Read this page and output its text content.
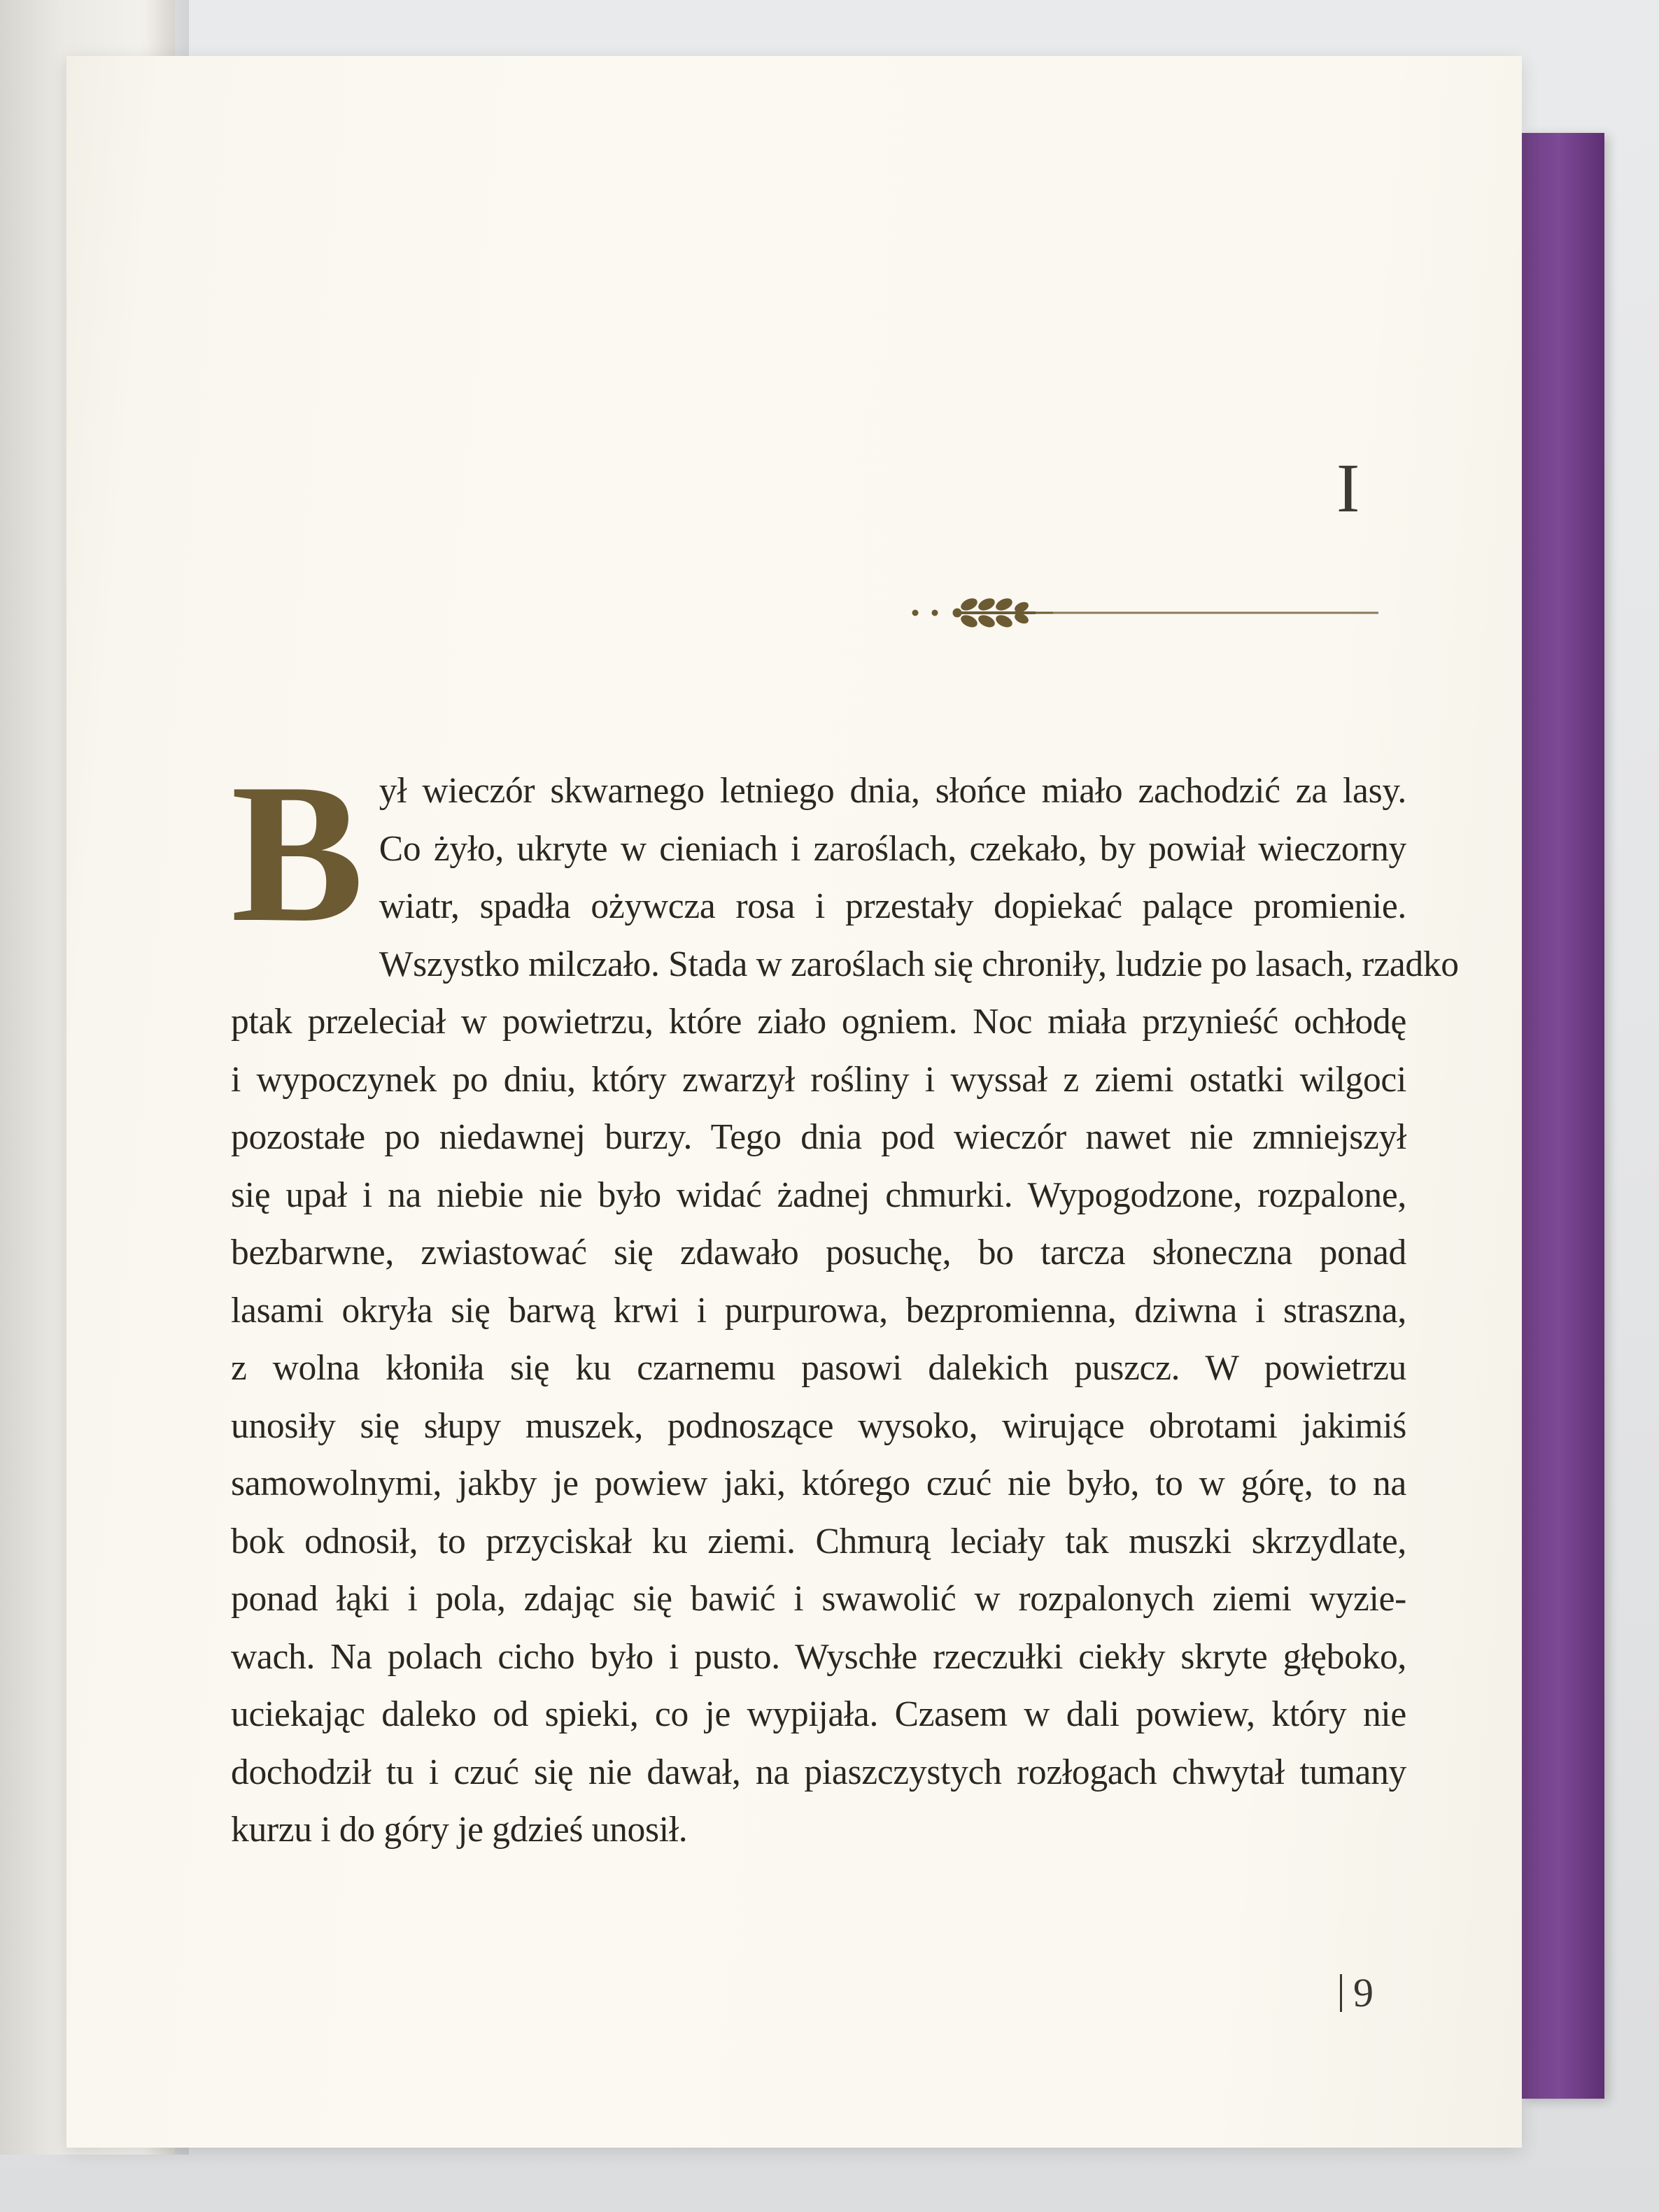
I
B ył wieczór skwarnego letniego dnia, słońce miało zachodzić za lasy.
Co żyło, ukryte w cieniach i zaroślach, czekało, by powiał wieczorny
wiatr, spadła ożywcza rosa i przestały dopiekać palące promienie.
Wszystko milczało. Stada w zaroślach się chroniły, ludzie po lasach, rzadko
ptak przeleciał w powietrzu, które ziało ogniem. Noc miała przynieść ochłodę
i wypoczynek po dniu, który zwarzył rośliny i wyssał z ziemi ostatki wilgoci
pozostałe po niedawnej burzy. Tego dnia pod wieczór nawet nie zmniejszył
się upał i na niebie nie było widać żadnej chmurki. Wypogodzone, rozpalone,
bezbarwne, zwiastować się zdawało posuchę, bo tarcza słoneczna ponad
lasami okryła się barwą krwi i purpurowa, bezpromienna, dziwna i straszna,
z wolna kłoniła się ku czarnemu pasowi dalekich puszcz. W powietrzu
unosiły się słupy muszek, podnoszące wysoko, wirujące obrotami jakimiś
samowolnymi, jakby je powiew jaki, którego czuć nie było, to w górę, to na
bok odnosił, to przyciskał ku ziemi. Chmurą leciały tak muszki skrzydlate,
ponad łąki i pola, zdając się bawić i swawolić w rozpalonych ziemi wyzie-
wach. Na polach cicho było i pusto. Wyschłe rzeczułki ciekły skryte głęboko,
uciekając daleko od spieki, co je wypijała. Czasem w dali powiew, który nie
dochodził tu i czuć się nie dawał, na piaszczystych rozłogach chwytał tumany
kurzu i do góry je gdzieś unosił.
9
